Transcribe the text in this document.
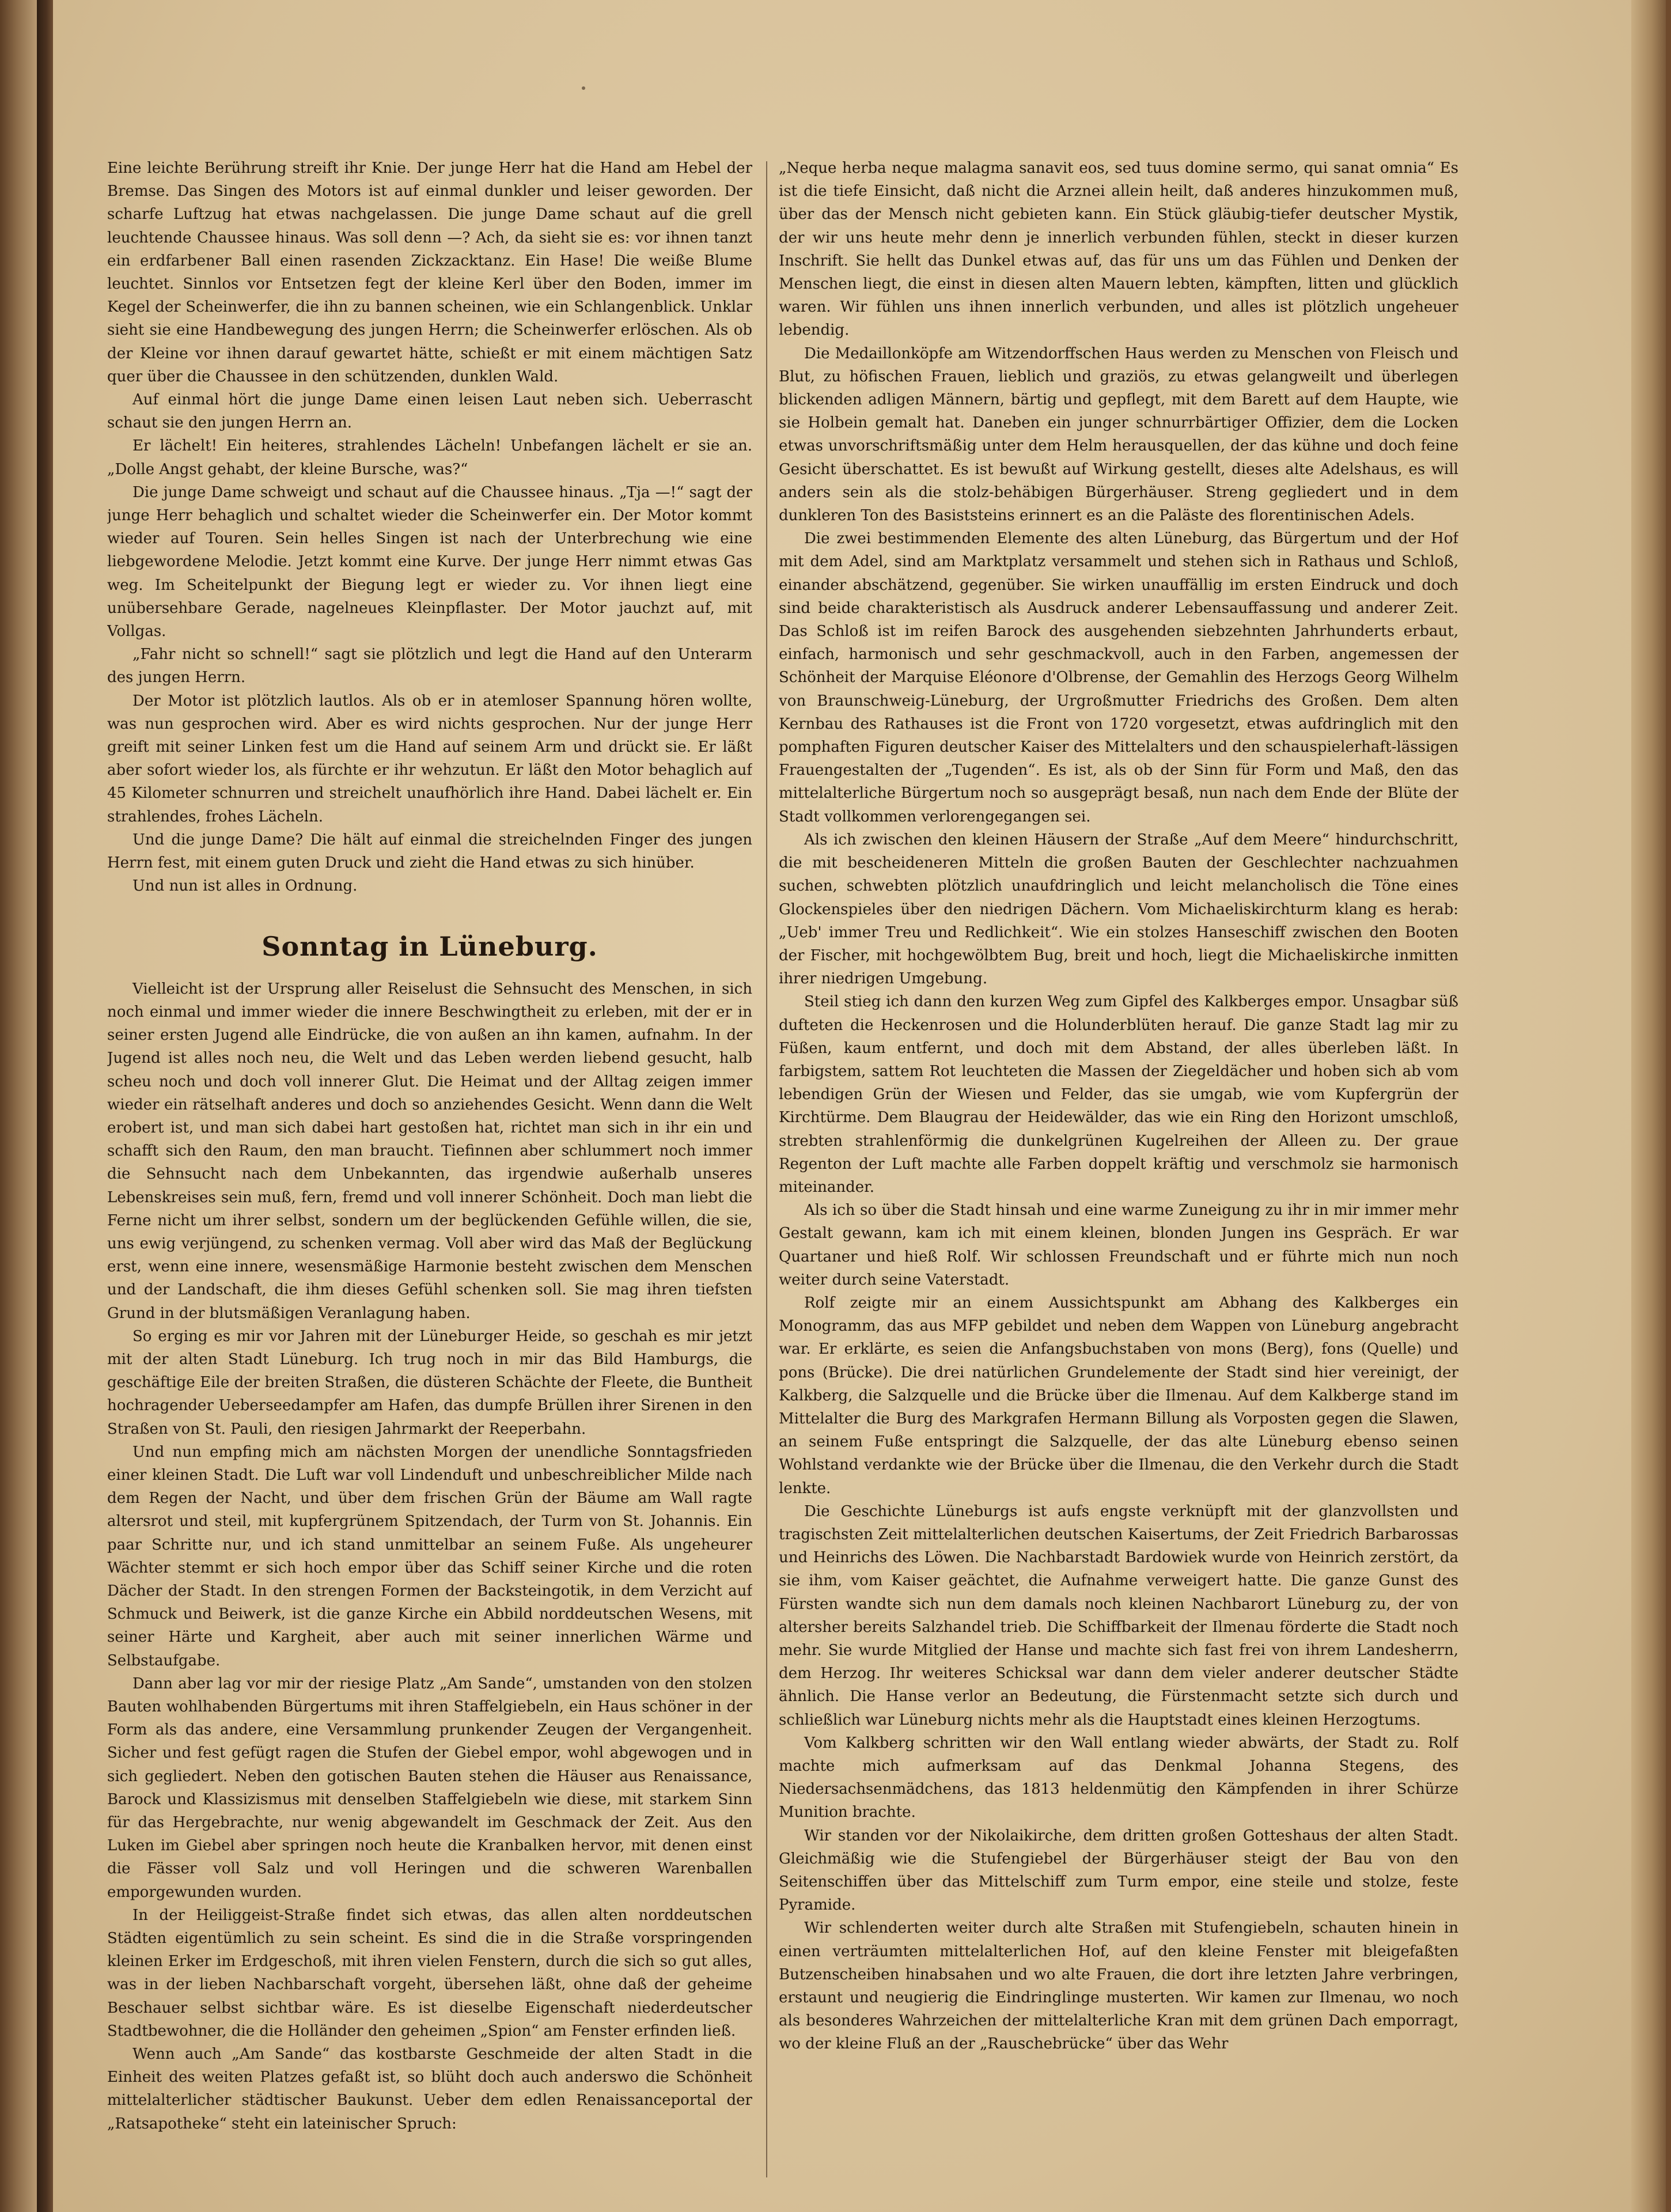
Eine leichte Berührung streift ihr Knie. Der junge Herr hat die Hand am Hebel der Bremse. Das Singen des Motors ist auf einmal dunkler und leiser geworden. Der scharfe Luftzug hat etwas nachgelassen. Die junge Dame schaut auf die grell leuchtende Chaussee hinaus. Was soll denn —? Ach, da sieht sie es: vor ihnen tanzt ein erdfarbener Ball einen rasenden Zickzacktanz. Ein Hase! Die weiße Blume leuchtet. Sinnlos vor Entsetzen fegt der kleine Kerl über den Boden, immer im Kegel der Scheinwerfer, die ihn zu bannen scheinen, wie ein Schlangenblick. Unklar sieht sie eine Handbewegung des jungen Herrn; die Scheinwerfer erlöschen. Als ob der Kleine vor ihnen darauf gewartet hätte, schießt er mit einem mächtigen Satz quer über die Chaussee in den schützenden, dunklen Wald.

Auf einmal hört die junge Dame einen leisen Laut neben sich. Ueberrascht schaut sie den jungen Herrn an.

Er lächelt! Ein heiteres, strahlendes Lächeln! Unbefangen lächelt er sie an. „Dolle Angst gehabt, der kleine Bursche, was?“

Die junge Dame schweigt und schaut auf die Chaussee hinaus. „Tja —!“ sagt der junge Herr behaglich und schaltet wieder die Scheinwerfer ein. Der Motor kommt wieder auf Touren. Sein helles Singen ist nach der Unterbrechung wie eine liebgewordene Melodie. Jetzt kommt eine Kurve. Der junge Herr nimmt etwas Gas weg. Im Scheitelpunkt der Biegung legt er wieder zu. Vor ihnen liegt eine unübersehbare Gerade, nagelneues Kleinpflaster. Der Motor jauchzt auf, mit Vollgas.

„Fahr nicht so schnell!“ sagt sie plötzlich und legt die Hand auf den Unterarm des jungen Herrn.

Der Motor ist plötzlich lautlos. Als ob er in atemloser Spannung hören wollte, was nun gesprochen wird. Aber es wird nichts gesprochen. Nur der junge Herr greift mit seiner Linken fest um die Hand auf seinem Arm und drückt sie. Er läßt aber sofort wieder los, als fürchte er ihr wehzutun. Er läßt den Motor behaglich auf 45 Kilometer schnurren und streichelt unaufhörlich ihre Hand. Dabei lächelt er. Ein strahlendes, frohes Lächeln.

Und die junge Dame? Die hält auf einmal die streichelnden Finger des jungen Herrn fest, mit einem guten Druck und zieht die Hand etwas zu sich hinüber.

Und nun ist alles in Ordnung.

Sonntag in Lüneburg.

Vielleicht ist der Ursprung aller Reiselust die Sehnsucht des Menschen, in sich noch einmal und immer wieder die innere Beschwingtheit zu erleben, mit der er in seiner ersten Jugend alle Eindrücke, die von außen an ihn kamen, aufnahm. In der Jugend ist alles noch neu, die Welt und das Leben werden liebend gesucht, halb scheu noch und doch voll innerer Glut. Die Heimat und der Alltag zeigen immer wieder ein rätselhaft anderes und doch so anziehendes Gesicht. Wenn dann die Welt erobert ist, und man sich dabei hart gestoßen hat, richtet man sich in ihr ein und schafft sich den Raum, den man braucht. Tiefinnen aber schlummert noch immer die Sehnsucht nach dem Unbekannten, das irgendwie außerhalb unseres Lebenskreises sein muß, fern, fremd und voll innerer Schönheit. Doch man liebt die Ferne nicht um ihrer selbst, sondern um der beglückenden Gefühle willen, die sie, uns ewig verjüngend, zu schenken vermag. Voll aber wird das Maß der Beglückung erst, wenn eine innere, wesensmäßige Harmonie besteht zwischen dem Menschen und der Landschaft, die ihm dieses Gefühl schenken soll. Sie mag ihren tiefsten Grund in der blutsmäßigen Veranlagung haben.

So erging es mir vor Jahren mit der Lüneburger Heide, so geschah es mir jetzt mit der alten Stadt Lüneburg. Ich trug noch in mir das Bild Hamburgs, die geschäftige Eile der breiten Straßen, die düsteren Schächte der Fleete, die Buntheit hochragender Ueberseedampfer am Hafen, das dumpfe Brüllen ihrer Sirenen in den Straßen von St. Pauli, den riesigen Jahrmarkt der Reeperbahn.

Und nun empfing mich am nächsten Morgen der unendliche Sonntagsfrieden einer kleinen Stadt. Die Luft war voll Lindenduft und unbeschreiblicher Milde nach dem Regen der Nacht, und über dem frischen Grün der Bäume am Wall ragte altersrot und steil, mit kupfergrünem Spitzendach, der Turm von St. Johannis. Ein paar Schritte nur, und ich stand unmittelbar an seinem Fuße. Als ungeheurer Wächter stemmt er sich hoch empor über das Schiff seiner Kirche und die roten Dächer der Stadt. In den strengen Formen der Backsteingotik, in dem Verzicht auf Schmuck und Beiwerk, ist die ganze Kirche ein Abbild norddeutschen Wesens, mit seiner Härte und Kargheit, aber auch mit seiner innerlichen Wärme und Selbstaufgabe.

Dann aber lag vor mir der riesige Platz „Am Sande“, umstanden von den stolzen Bauten wohlhabenden Bürgertums mit ihren Staffelgiebeln, ein Haus schöner in der Form als das andere, eine Versammlung prunkender Zeugen der Vergangenheit. Sicher und fest gefügt ragen die Stufen der Giebel empor, wohl abgewogen und in sich gegliedert. Neben den gotischen Bauten stehen die Häuser aus Renaissance, Barock und Klassizismus mit denselben Staffelgiebeln wie diese, mit starkem Sinn für das Hergebrachte, nur wenig abgewandelt im Geschmack der Zeit. Aus den Luken im Giebel aber springen noch heute die Kranbalken hervor, mit denen einst die Fässer voll Salz und voll Heringen und die schweren Warenballen emporgewunden wurden.

In der Heiliggeist-Straße findet sich etwas, das allen alten norddeutschen Städten eigentümlich zu sein scheint. Es sind die in die Straße vorspringenden kleinen Erker im Erdgeschoß, mit ihren vielen Fenstern, durch die sich so gut alles, was in der lieben Nachbarschaft vorgeht, übersehen läßt, ohne daß der geheime Beschauer selbst sichtbar wäre. Es ist dieselbe Eigenschaft niederdeutscher Stadtbewohner, die die Holländer den geheimen „Spion“ am Fenster erfinden ließ.

Wenn auch „Am Sande“ das kostbarste Geschmeide der alten Stadt in die Einheit des weiten Platzes gefaßt ist, so blüht doch auch anderswo die Schönheit mittelalterlicher städtischer Baukunst. Ueber dem edlen Renaissanceportal der „Ratsapotheke“ steht ein lateinischer Spruch:

„Neque herba neque malagma sanavit eos, sed tuus domine sermo, qui sanat omnia“ Es ist die tiefe Einsicht, daß nicht die Arznei allein heilt, daß anderes hinzukommen muß, über das der Mensch nicht gebieten kann. Ein Stück gläubig-tiefer deutscher Mystik, der wir uns heute mehr denn je innerlich verbunden fühlen, steckt in dieser kurzen Inschrift. Sie hellt das Dunkel etwas auf, das für uns um das Fühlen und Denken der Menschen liegt, die einst in diesen alten Mauern lebten, kämpften, litten und glücklich waren. Wir fühlen uns ihnen innerlich verbunden, und alles ist plötzlich ungeheuer lebendig.

Die Medaillonköpfe am Witzendorffschen Haus werden zu Menschen von Fleisch und Blut, zu höfischen Frauen, lieblich und graziös, zu etwas gelangweilt und überlegen blickenden adligen Männern, bärtig und gepflegt, mit dem Barett auf dem Haupte, wie sie Holbein gemalt hat. Daneben ein junger schnurrbärtiger Offizier, dem die Locken etwas unvorschriftsmäßig unter dem Helm herausquellen, der das kühne und doch feine Gesicht überschattet. Es ist bewußt auf Wirkung gestellt, dieses alte Adelshaus, es will anders sein als die stolz-behäbigen Bürgerhäuser. Streng gegliedert und in dem dunkleren Ton des Basiststeins erinnert es an die Paläste des florentinischen Adels.

Die zwei bestimmenden Elemente des alten Lüneburg, das Bürgertum und der Hof mit dem Adel, sind am Marktplatz versammelt und stehen sich in Rathaus und Schloß, einander abschätzend, gegenüber. Sie wirken unauffällig im ersten Eindruck und doch sind beide charakteristisch als Ausdruck anderer Lebensauffassung und anderer Zeit. Das Schloß ist im reifen Barock des ausgehenden siebzehnten Jahrhunderts erbaut, einfach, harmonisch und sehr geschmackvoll, auch in den Farben, angemessen der Schönheit der Marquise Eléonore d'Olbrense, der Gemahlin des Herzogs Georg Wilhelm von Braunschweig-Lüneburg, der Urgroßmutter Friedrichs des Großen. Dem alten Kernbau des Rathauses ist die Front von 1720 vorgesetzt, etwas aufdringlich mit den pomphaften Figuren deutscher Kaiser des Mittelalters und den schauspielerhaft-lässigen Frauengestalten der „Tugenden“. Es ist, als ob der Sinn für Form und Maß, den das mittelalterliche Bürgertum noch so ausgeprägt besaß, nun nach dem Ende der Blüte der Stadt vollkommen verlorengegangen sei.

Als ich zwischen den kleinen Häusern der Straße „Auf dem Meere“ hindurchschritt, die mit bescheideneren Mitteln die großen Bauten der Geschlechter nachzuahmen suchen, schwebten plötzlich unaufdringlich und leicht melancholisch die Töne eines Glockenspieles über den niedrigen Dächern. Vom Michaeliskirchturm klang es herab: „Ueb' immer Treu und Redlichkeit“. Wie ein stolzes Hanseschiff zwischen den Booten der Fischer, mit hochgewölbtem Bug, breit und hoch, liegt die Michaeliskirche inmitten ihrer niedrigen Umgebung.

Steil stieg ich dann den kurzen Weg zum Gipfel des Kalkberges empor. Unsagbar süß dufteten die Heckenrosen und die Holunderblüten herauf. Die ganze Stadt lag mir zu Füßen, kaum entfernt, und doch mit dem Abstand, der alles überleben läßt. In farbigstem, sattem Rot leuchteten die Massen der Ziegeldächer und hoben sich ab vom lebendigen Grün der Wiesen und Felder, das sie umgab, wie vom Kupfergrün der Kirchtürme. Dem Blaugrau der Heidewälder, das wie ein Ring den Horizont umschloß, strebten strahlenförmig die dunkelgrünen Kugelreihen der Alleen zu. Der graue Regenton der Luft machte alle Farben doppelt kräftig und verschmolz sie harmonisch miteinander.

Als ich so über die Stadt hinsah und eine warme Zuneigung zu ihr in mir immer mehr Gestalt gewann, kam ich mit einem kleinen, blonden Jungen ins Gespräch. Er war Quartaner und hieß Rolf. Wir schlossen Freundschaft und er führte mich nun noch weiter durch seine Vaterstadt.

Rolf zeigte mir an einem Aussichtspunkt am Abhang des Kalkberges ein Monogramm, das aus MFP gebildet und neben dem Wappen von Lüneburg angebracht war. Er erklärte, es seien die Anfangsbuchstaben von mons (Berg), fons (Quelle) und pons (Brücke). Die drei natürlichen Grundelemente der Stadt sind hier vereinigt, der Kalkberg, die Salzquelle und die Brücke über die Ilmenau. Auf dem Kalkberge stand im Mittelalter die Burg des Markgrafen Hermann Billung als Vorposten gegen die Slawen, an seinem Fuße entspringt die Salzquelle, der das alte Lüneburg ebenso seinen Wohlstand verdankte wie der Brücke über die Ilmenau, die den Verkehr durch die Stadt lenkte.

Die Geschichte Lüneburgs ist aufs engste verknüpft mit der glanzvollsten und tragischsten Zeit mittelalterlichen deutschen Kaisertums, der Zeit Friedrich Barbarossas und Heinrichs des Löwen. Die Nachbarstadt Bardowiek wurde von Heinrich zerstört, da sie ihm, vom Kaiser geächtet, die Aufnahme verweigert hatte. Die ganze Gunst des Fürsten wandte sich nun dem damals noch kleinen Nachbarort Lüneburg zu, der von altersher bereits Salzhandel trieb. Die Schiffbarkeit der Ilmenau förderte die Stadt noch mehr. Sie wurde Mitglied der Hanse und machte sich fast frei von ihrem Landesherrn, dem Herzog. Ihr weiteres Schicksal war dann dem vieler anderer deutscher Städte ähnlich. Die Hanse verlor an Bedeutung, die Fürstenmacht setzte sich durch und schließlich war Lüneburg nichts mehr als die Hauptstadt eines kleinen Herzogtums.

Vom Kalkberg schritten wir den Wall entlang wieder abwärts, der Stadt zu. Rolf machte mich aufmerksam auf das Denkmal Johanna Stegens, des Niedersachsenmädchens, das 1813 heldenmütig den Kämpfenden in ihrer Schürze Munition brachte.

Wir standen vor der Nikolaikirche, dem dritten großen Gotteshaus der alten Stadt. Gleichmäßig wie die Stufengiebel der Bürgerhäuser steigt der Bau von den Seitenschiffen über das Mittelschiff zum Turm empor, eine steile und stolze, feste Pyramide.

Wir schlenderten weiter durch alte Straßen mit Stufengiebeln, schauten hinein in einen verträumten mittelalterlichen Hof, auf den kleine Fenster mit bleigefaßten Butzenscheiben hinabsahen und wo alte Frauen, die dort ihre letzten Jahre verbringen, erstaunt und neugierig die Eindringlinge musterten. Wir kamen zur Ilmenau, wo noch als besonderes Wahrzeichen der mittelalterliche Kran mit dem grünen Dach emporragt, wo der kleine Fluß an der „Rauschebrücke“ über das Wehr
